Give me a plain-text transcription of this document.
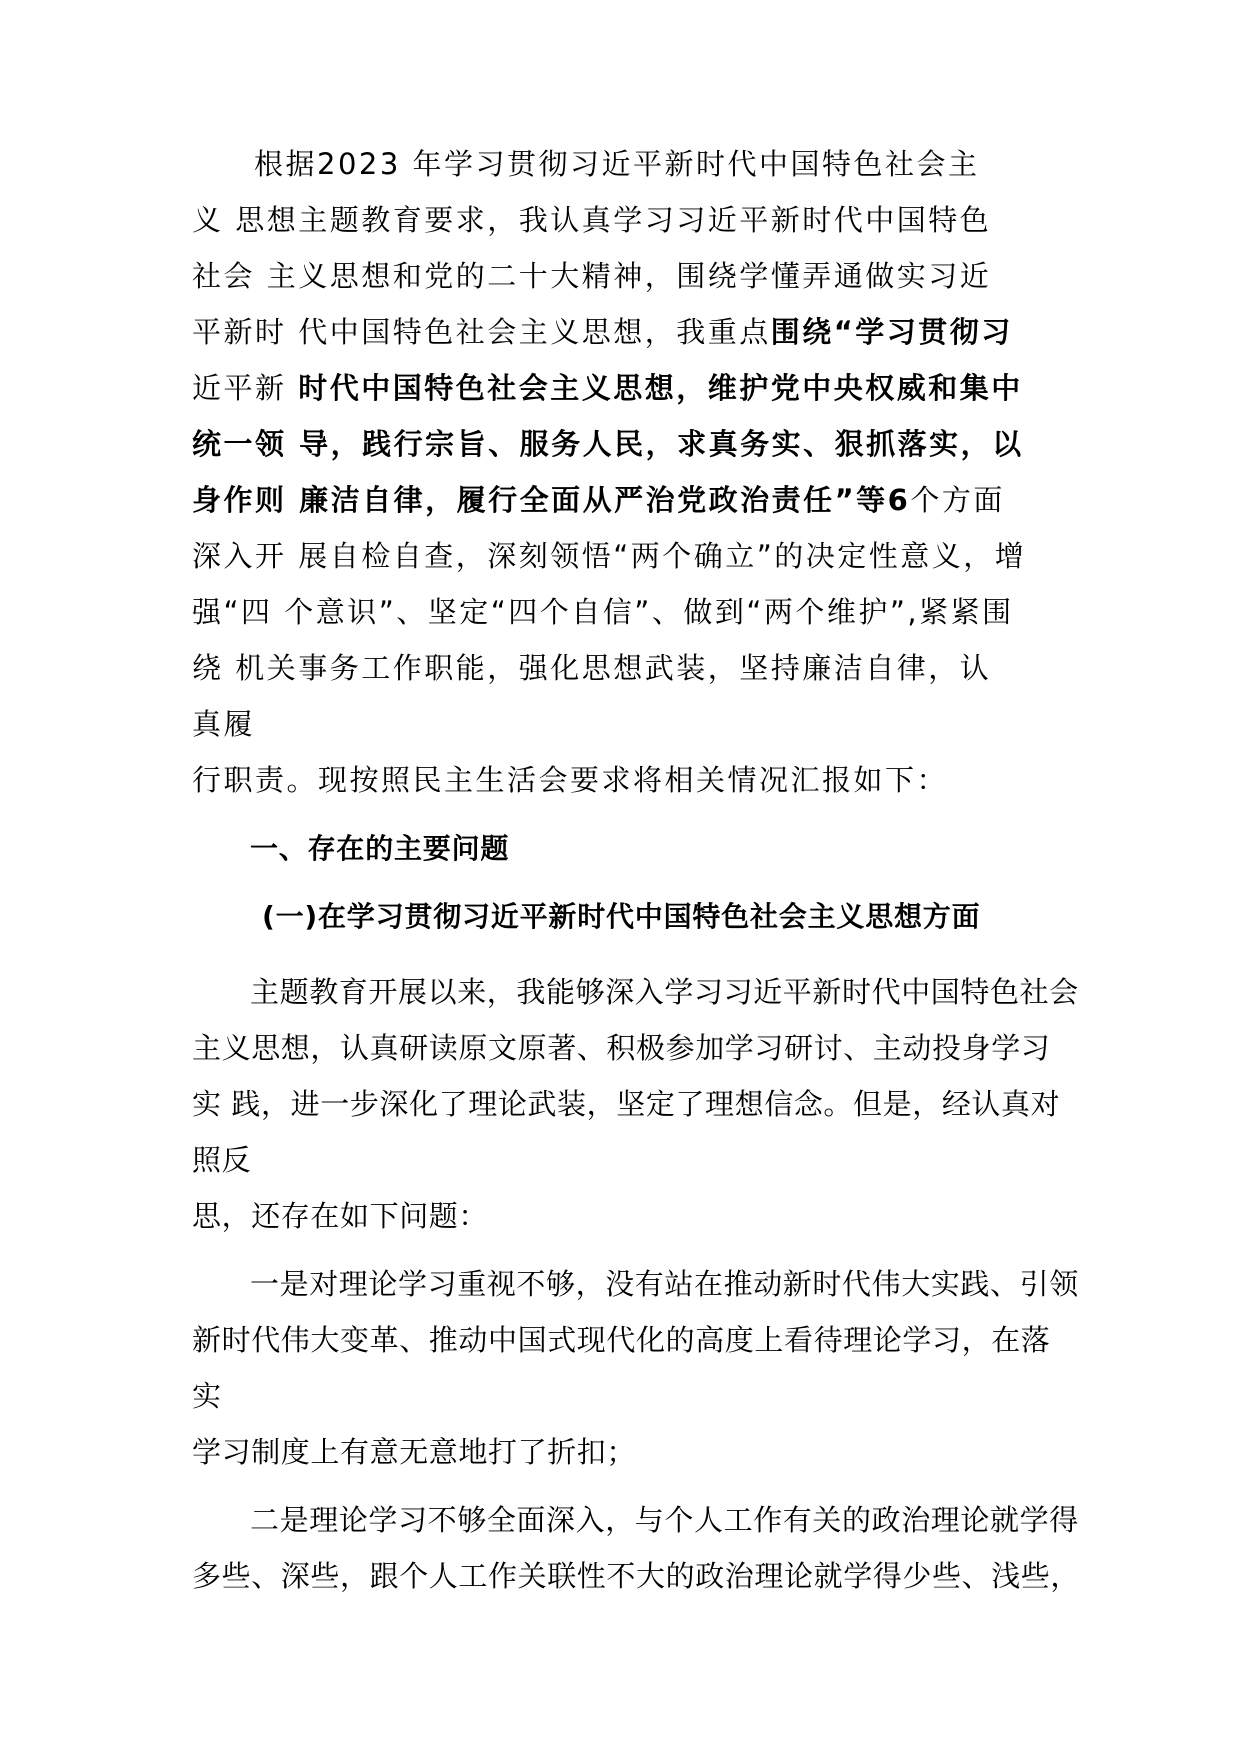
根据2023 年学习贯彻习近平新时代中国特色社会主
义 思想主题教育要求，我认真学习习近平新时代中国特色
社会 主义思想和党的二十大精神，围绕学懂弄通做实习近
平新时 代中国特色社会主义思想，我重点围绕“学习贯彻习
近平新 时代中国特色社会主义思想，维护党中央权威和集中
统一领 导，践行宗旨、服务人民，求真务实、狠抓落实，以
身作则 廉洁自律，履行全面从严治党政治责任”等6个方面
深入开 展自检自查，深刻领悟“两个确立”的决定性意义，增
强“四 个意识”、坚定“四个自信”、做到“两个维护”,紧紧围
绕 机关事务工作职能，强化思想武装，坚持廉洁自律，认
真履
行职责。现按照民主生活会要求将相关情况汇报如下：
一、存在的主要问题
(一)在学习贯彻习近平新时代中国特色社会主义思想方面
主题教育开展以来，我能够深入学习习近平新时代中国特色社会
主义思想，认真研读原文原著、积极参加学习研讨、主动投身学习
实 践，进一步深化了理论武装，坚定了理想信念。但是，经认真对
照反
思，还存在如下问题：
一是对理论学习重视不够，没有站在推动新时代伟大实践、引领
新时代伟大变革、推动中国式现代化的高度上看待理论学习，在落
实
学习制度上有意无意地打了折扣；
二是理论学习不够全面深入，与个人工作有关的政治理论就学得
多些、深些，跟个人工作关联性不大的政治理论就学得少些、浅些，
